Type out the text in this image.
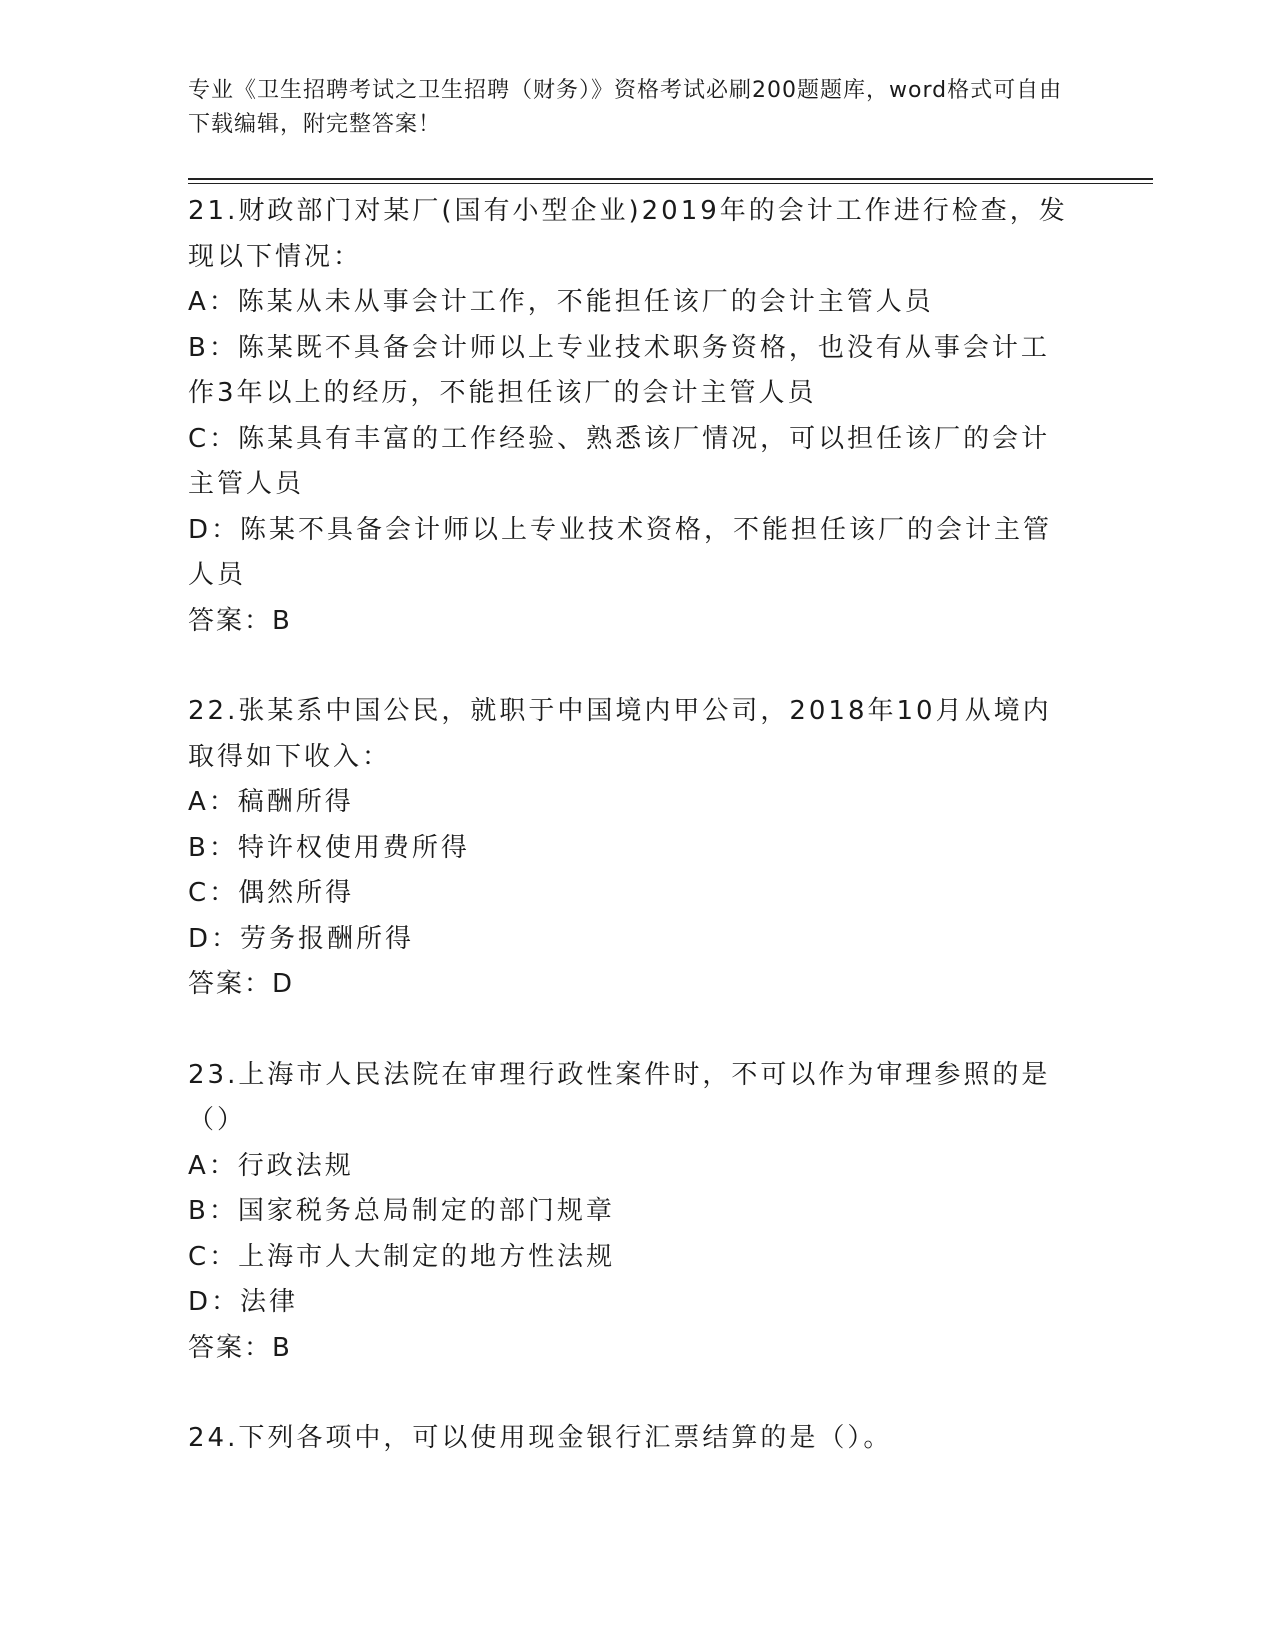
专业《卫生招聘考试之卫生招聘（财务）》资格考试必刷200题题库，word格式可自由下载编辑，附完整答案！

21.财政部门对某厂(国有小型企业)2019年的会计工作进行检查，发现以下情况：

A：陈某从未从事会计工作，不能担任该厂的会计主管人员

B：陈某既不具备会计师以上专业技术职务资格，也没有从事会计工作3年以上的经历，不能担任该厂的会计主管人员

C：陈某具有丰富的工作经验、熟悉该厂情况，可以担任该厂的会计主管人员

D：陈某不具备会计师以上专业技术资格，不能担任该厂的会计主管人员

答案：B

22.张某系中国公民，就职于中国境内甲公司，2018年10月从境内取得如下收入：

A：稿酬所得

B：特许权使用费所得

C：偶然所得

D：劳务报酬所得

答案：D

23.上海市人民法院在审理行政性案件时，不可以作为审理参照的是（）

A：行政法规

B：国家税务总局制定的部门规章

C：上海市人大制定的地方性法规

D：法律

答案：B

24.下列各项中，可以使用现金银行汇票结算的是（）。
